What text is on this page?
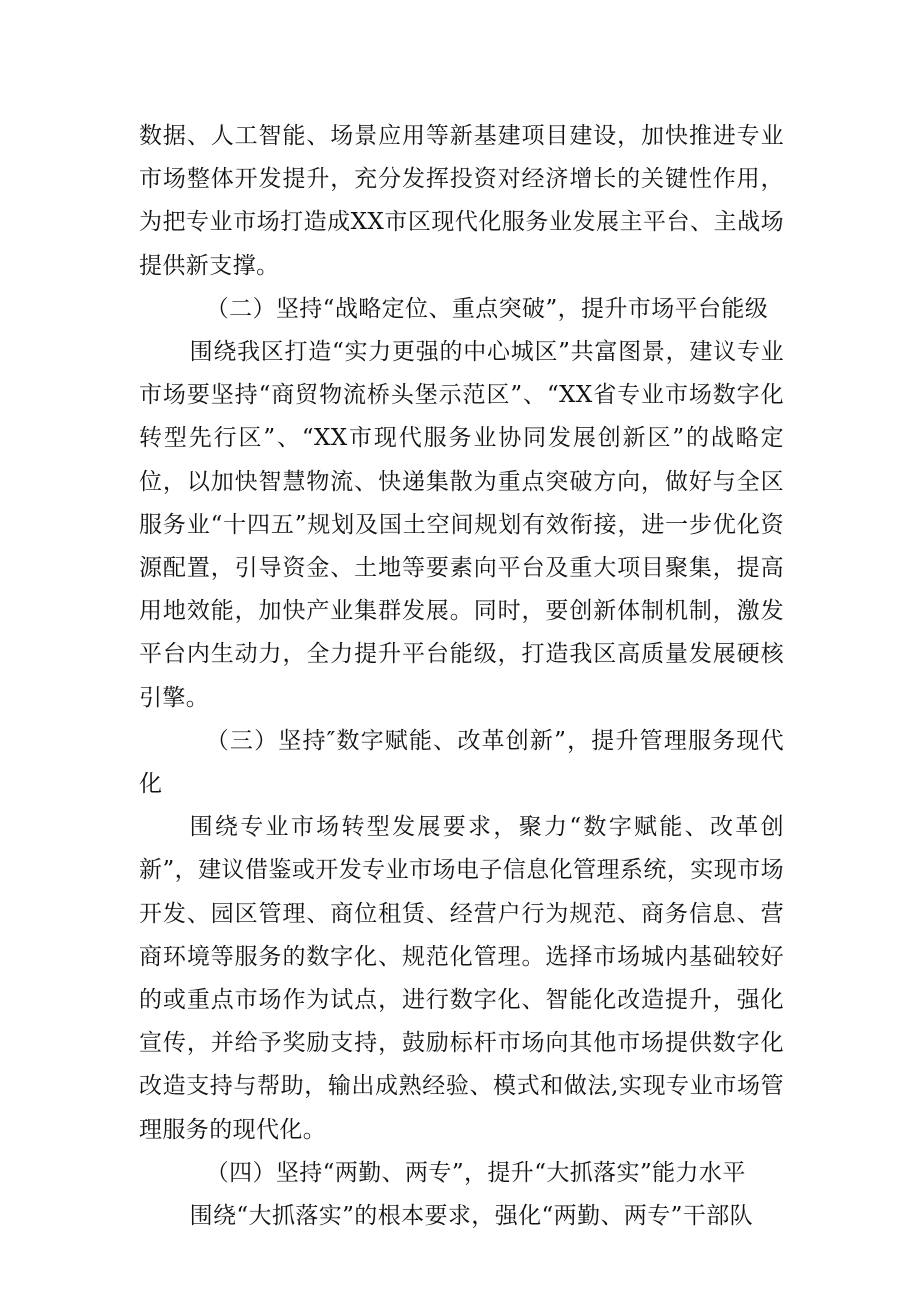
数据、人工智能、场景应用等新基建项目建设，加快推进专业市场整体开发提升，充分发挥投资对经济增长的关键性作用，为把专业市场打造成XX市区现代化服务业发展主平台、主战场提供新支撑。

（二）坚持“战略定位、重点突破”，提升市场平台能级

围绕我区打造“实力更强的中心城区”共富图景，建议专业市场要坚持“商贸物流桥头堡示范区”、“XX省专业市场数字化转型先行区”、“XX市现代服务业协同发展创新区”的战略定位，以加快智慧物流、快递集散为重点突破方向，做好与全区服务业“十四五”规划及国土空间规划有效衔接，进一步优化资源配置，引导资金、土地等要素向平台及重大项目聚集，提高用地效能，加快产业集群发展。同时，要创新体制机制，激发平台内生动力，全力提升平台能级，打造我区高质量发展硬核引擎。

（三）坚持″数字赋能、改革创新”，提升管理服务现代化

围绕专业市场转型发展要求，聚力“数字赋能、改革创新”，建议借鉴或开发专业市场电子信息化管理系统，实现市场开发、园区管理、商位租赁、经营户行为规范、商务信息、营商环境等服务的数字化、规范化管理。选择市场城内基础较好的或重点市场作为试点，进行数字化、智能化改造提升，强化宣传，并给予奖励支持，鼓励标杆市场向其他市场提供数字化改造支持与帮助，输出成熟经验、模式和做法,实现专业市场管理服务的现代化。

（四）坚持“两勤、两专”，提升“大抓落实”能力水平

围绕“大抓落实”的根本要求，强化“两勤、两专”干部队
